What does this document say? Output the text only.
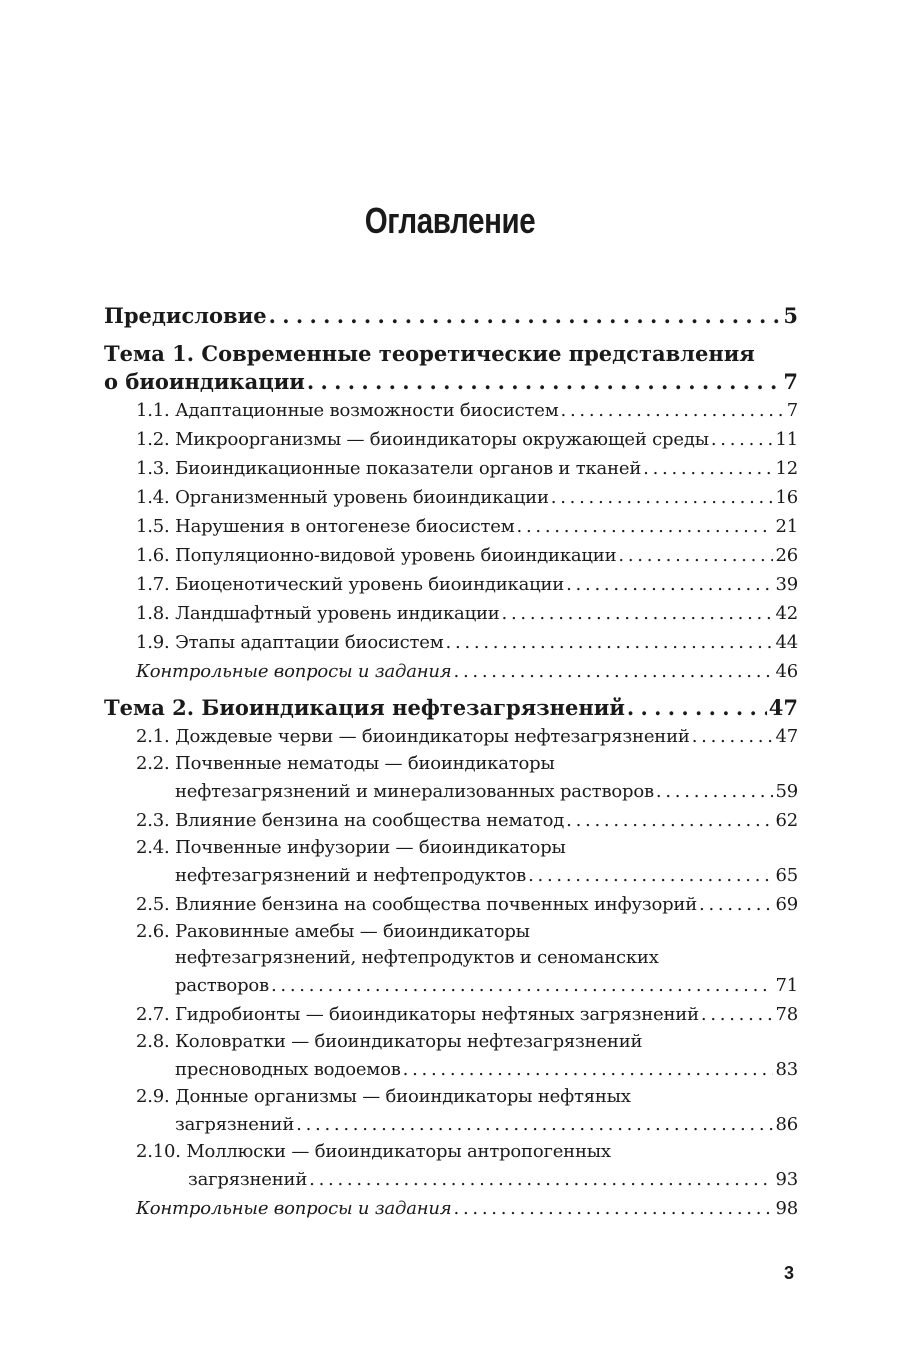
Оглавление
Предисловие . . .	5
Тема 1. Современные теоретические представления
о биоиндикации . . .	7
1.1. Адаптационные возможности биосистем . . .	7
1.2. Микроорганизмы — биоиндикаторы окружающей среды . . .	11
1.3. Биоиндикационные показатели органов и тканей . . .	12
1.4. Организменный уровень биоиндикации . . .	16
1.5. Нарушения в онтогенезе биосистем . . .	21
1.6. Популяционно-видовой уровень биоиндикации . . .	26
1.7. Биоценотический уровень биоиндикации . . .	39
1.8. Ландшафтный уровень индикации . . .	42
1.9. Этапы адаптации биосистем . . .	44
Контрольные вопросы и задания . . .	46
Тема 2. Биоиндикация нефтезагрязнений . . .	47
2.1. Дождевые черви — биоиндикаторы нефтезагрязнений . . .	47
2.2. Почвенные нематоды — биоиндикаторы
нефтезагрязнений и минерализованных растворов . . .	59
2.3. Влияние бензина на сообщества нематод . . .	62
2.4. Почвенные инфузории — биоиндикаторы
нефтезагрязнений и нефтепродуктов . . .	65
2.5. Влияние бензина на сообщества почвенных инфузорий . . .	69
2.6. Раковинные амебы — биоиндикаторы
нефтезагрязнений, нефтепродуктов и сеноманских
растворов . . .	71
2.7. Гидробионты — биоиндикаторы нефтяных загрязнений . . .	78
2.8. Коловратки — биоиндикаторы нефтезагрязнений
пресноводных водоемов . . .	83
2.9. Донные организмы — биоиндикаторы нефтяных
загрязнений . . .	86
2.10. Моллюски — биоиндикаторы антропогенных
загрязнений . . .	93
Контрольные вопросы и задания . . .	98
3
